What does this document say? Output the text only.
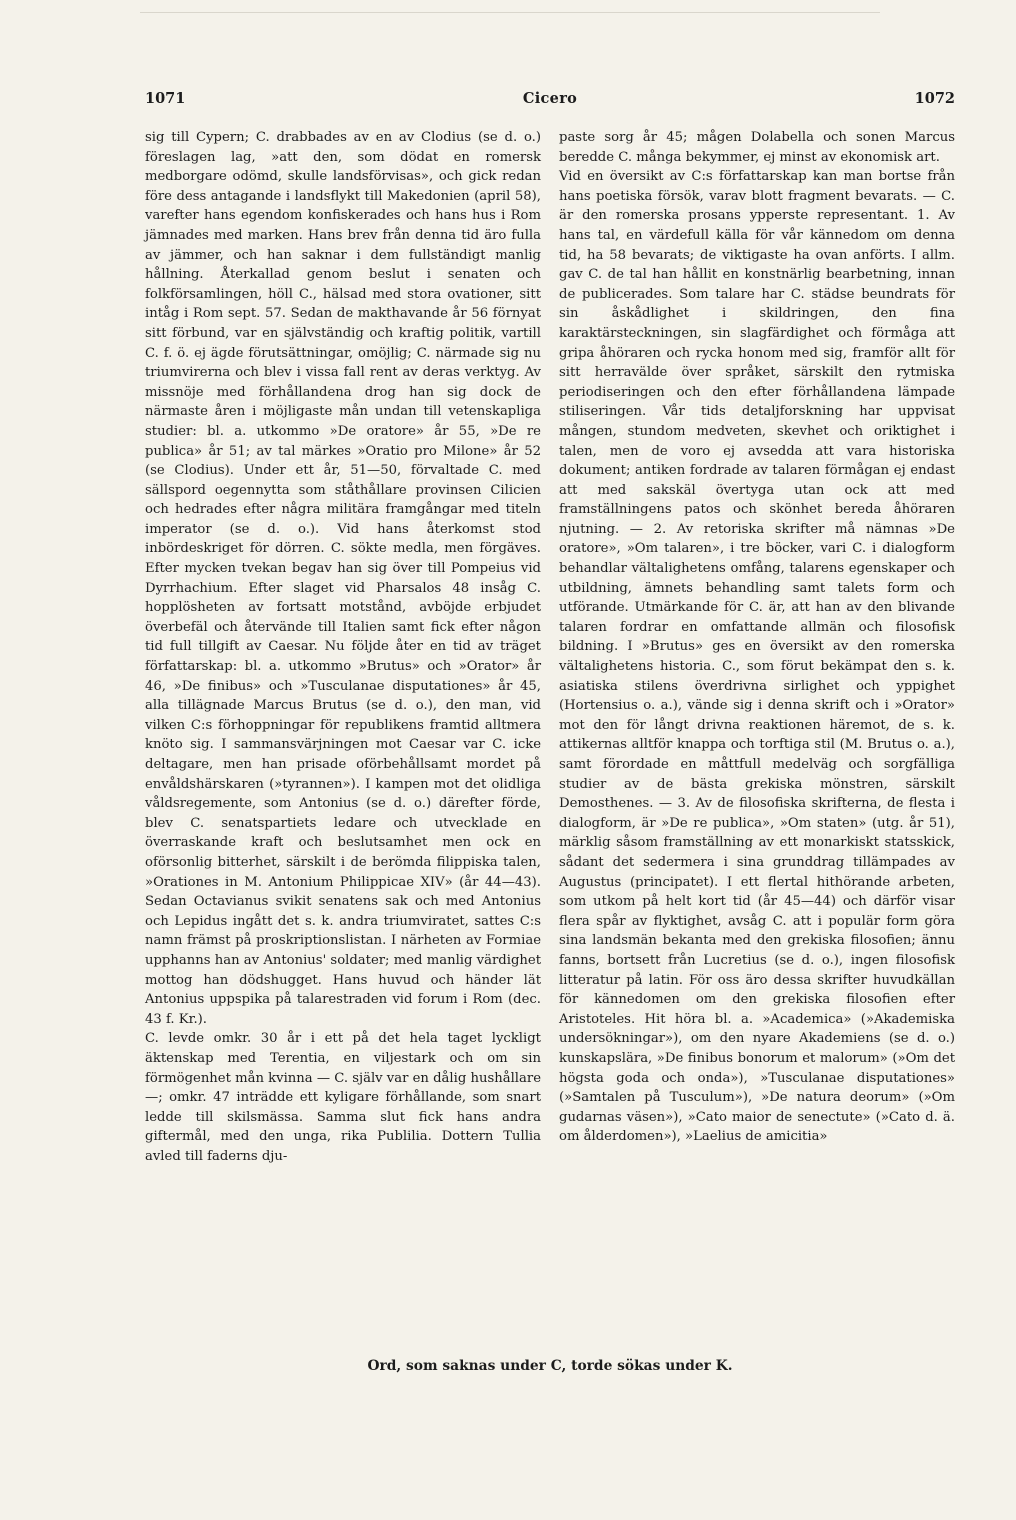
1071	Cicero	1072

sig till Cypern; C. drabbades av en av Clodius (se d. o.) föreslagen lag, »att den, som dödat en romersk medborgare odömd, skulle landsförvisas», och gick redan före dess antagande i landsflykt till Makedonien (april 58), varefter hans egendom konfiskerades och hans hus i Rom jämnades med marken. Hans brev från denna tid äro fulla av jämmer, och han saknar i dem fullständigt manlig hållning. Återkallad genom beslut i senaten och folkförsamlingen, höll C., hälsad med stora ovationer, sitt intåg i Rom sept. 57. Sedan de makthavande år 56 förnyat sitt förbund, var en självständig och kraftig politik, vartill C. f. ö. ej ägde förutsättningar, omöjlig; C. närmade sig nu triumvirerna och blev i vissa fall rent av deras verktyg. Av missnöje med förhållandena drog han sig dock de närmaste åren i möjligaste mån undan till vetenskapliga studier: bl. a. utkommo »De oratore» år 55, »De re publica» år 51; av tal märkes »Oratio pro Milone» år 52 (se Clodius). Under ett år, 51—50, förvaltade C. med sällspord oegennytta som ståthållare provinsen Cilicien och hedrades efter några militära framgångar med titeln imperator (se d. o.). Vid hans återkomst stod inbördeskriget för dörren. C. sökte medla, men förgäves. Efter mycken tvekan begav han sig över till Pompeius vid Dyrrhachium. Efter slaget vid Pharsalos 48 insåg C. hopplösheten av fortsatt motstånd, avböjde erbjudet överbefäl och återvände till Italien samt fick efter någon tid full tillgift av Caesar. Nu följde åter en tid av träget författarskap: bl. a. utkommo »Brutus» och »Orator» år 46, »De finibus» och »Tusculanae disputationes» år 45, alla tillägnade Marcus Brutus (se d. o.), den man, vid vilken C:s förhoppningar för republikens framtid alltmera knöto sig. I sammansvärjningen mot Caesar var C. icke deltagare, men han prisade oförbehållsamt mordet på envåldshärskaren (»tyrannen»). I kampen mot det olidliga våldsregemente, som Antonius (se d. o.) därefter förde, blev C. senatspartiets ledare och utvecklade en överraskande kraft och beslutsamhet men ock en oförsonlig bitterhet, särskilt i de berömda filippiska talen, »Orationes in M. Antonium Philippicae XIV» (år 44—43). Sedan Octavianus svikit senatens sak och med Antonius och Lepidus ingått det s. k. andra triumviratet, sattes C:s namn främst på proskriptionslistan. I närheten av Formiae upphanns han av Antonius' soldater; med manlig värdighet mottog han dödshugget. Hans huvud och händer lät Antonius uppspika på talarestraden vid forum i Rom (dec. 43 f. Kr.).

C. levde omkr. 30 år i ett på det hela taget lyckligt äktenskap med Terentia, en viljestark och om sin förmögenhet mån kvinna — C. själv var en dålig hushållare —; omkr. 47 inträdde ett kyligare förhållande, som snart ledde till skilsmässa. Samma slut fick hans andra giftermål, med den unga, rika Publilia. Dottern Tullia avled till faderns dju-

paste sorg år 45; mågen Dolabella och sonen Marcus beredde C. många bekymmer, ej minst av ekonomisk art.

Vid en översikt av C:s författarskap kan man bortse från hans poetiska försök, varav blott fragment bevarats. — C. är den romerska prosans ypperste representant. 1. Av hans tal, en värdefull källa för vår kännedom om denna tid, ha 58 bevarats; de viktigaste ha ovan anförts. I allm. gav C. de tal han hållit en konstnärlig bearbetning, innan de publicerades. Som talare har C. städse beundrats för sin åskådlighet i skildringen, den fina karaktärsteckningen, sin slagfärdighet och förmåga att gripa åhöraren och rycka honom med sig, framför allt för sitt herravälde över språket, särskilt den rytmiska periodiseringen och den efter förhållandena lämpade stiliseringen. Vår tids detaljforskning har uppvisat mången, stundom medveten, skevhet och oriktighet i talen, men de voro ej avsedda att vara historiska dokument; antiken fordrade av talaren förmågan ej endast att med sakskäl övertyga utan ock att med framställningens patos och skönhet bereda åhöraren njutning. — 2. Av retoriska skrifter må nämnas »De oratore», »Om talaren», i tre böcker, vari C. i dialogform behandlar vältalighetens omfång, talarens egenskaper och utbildning, ämnets behandling samt talets form och utförande. Utmärkande för C. är, att han av den blivande talaren fordrar en omfattande allmän och filosofisk bildning. I »Brutus» ges en översikt av den romerska vältalighetens historia. C., som förut bekämpat den s. k. asiatiska stilens överdrivna sirlighet och yppighet (Hortensius o. a.), vände sig i denna skrift och i »Orator» mot den för långt drivna reaktionen häremot, de s. k. attikernas alltför knappa och torftiga stil (M. Brutus o. a.), samt förordade en måttfull medelväg och sorgfälliga studier av de bästa grekiska mönstren, särskilt Demosthenes. — 3. Av de filosofiska skrifterna, de flesta i dialogform, är »De re publica», »Om staten» (utg. år 51), märklig såsom framställning av ett monarkiskt statsskick, sådant det sedermera i sina grunddrag tillämpades av Augustus (principatet). I ett flertal hithörande arbeten, som utkom på helt kort tid (år 45—44) och därför visar flera spår av flyktighet, avsåg C. att i populär form göra sina landsmän bekanta med den grekiska filosofien; ännu fanns, bortsett från Lucretius (se d. o.), ingen filosofisk litteratur på latin. För oss äro dessa skrifter huvudkällan för kännedomen om den grekiska filosofien efter Aristoteles. Hit höra bl. a. »Academica» (»Akademiska undersökningar»), om den nyare Akademiens (se d. o.) kunskapslära, »De finibus bonorum et malorum» (»Om det högsta goda och onda»), »Tusculanae disputationes» (»Samtalen på Tusculum»), »De natura deorum» (»Om gudarnas väsen»), »Cato maior de senectute» (»Cato d. ä. om ålderdomen»), »Laelius de amicitia»

Ord, som saknas under C, torde sökas under K.
